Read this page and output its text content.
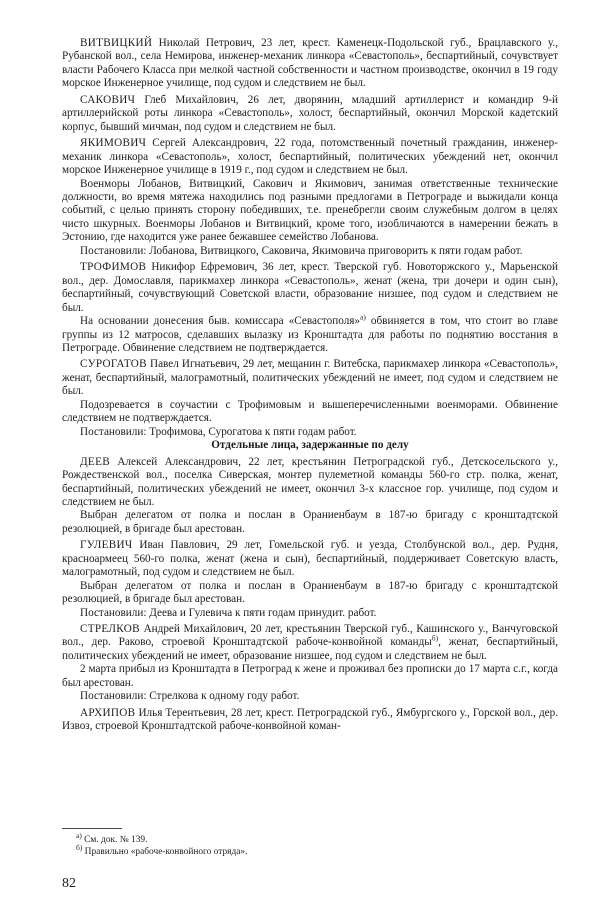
ВИТВИЦКИЙ Николай Петрович, 23 лет, крест. Каменецк-Подольской губ., Брацлавского у., Рубанской вол., села Немирова, инженер-механик линкора «Севастополь», беспартийный, сочувствует власти Рабочего Класса при мелкой частной собственности и частном производстве, окончил в 19 году морское Инженерное училище, под судом и следствием не был.

САКОВИЧ Глеб Михайлович, 26 лет, дворянин, младший артиллерист и командир 9-й артиллерийской роты линкора «Севастополь», холост, беспартийный, окончил Морской кадетский корпус, бывший мичман, под судом и следствием не был.

ЯКИМОВИЧ Сергей Александрович, 22 года, потомственный почетный гражданин, инженер-механик линкора «Севастополь», холост, беспартийный, политических убеждений нет, окончил морское Инженерное училище в 1919 г., под судом и следствием не был.

Военморы Лобанов, Витвицкий, Сакович и Якимович, занимая ответственные технические должности, во время мятежа находились под разными предлогами в Петрограде и выжидали конца событий, с целью принять сторону победивших, т.е. пренебрегли своим служебным долгом в целях чисто шкурных. Военморы Лобанов и Витвицкий, кроме того, изобличаются в намерении бежать в Эстонию, где находится уже ранее бежавшее семейство Лобанова.

Постановили: Лобанова, Витвицкого, Саковича, Якимовича приговорить к пяти годам работ.

ТРОФИМОВ Никифор Ефремович, 36 лет, крест. Тверской губ. Новоторжского у., Марьенской вол., дер. Домославля, парикмахер линкора «Севастополь», женат (жена, три дочери и один сын), беспартийный, сочувствующий Советской власти, образование низшее, под судом и следствием не был.

На основании донесения быв. комиссара «Севастополя»$^{а)}$ обвиняется в том, что стоит во главе группы из 12 матросов, сделавших вылазку из Кронштадта для работы по поднятию восстания в Петрограде. Обвинение следствием не подтверждается.

СУРОГАТОВ Павел Игнатьевич, 29 лет, мещанин г. Витебска, парикмахер линкора «Севастополь», женат, беспартийный, малограмотный, политических убеждений не имеет, под судом и следствием не был.

Подозревается в соучастии с Трофимовым и вышеперечисленными военморами. Обвинение следствием не подтверждается.

Постановили: Трофимова, Сурогатова к пяти годам работ.

Отдельные лица, задержанные по делу

ДЕЕВ Алексей Александрович, 22 лет, крестьянин Петроградской губ., Детскосельского у., Рождественской вол., поселка Сиверская, монтер пулеметной команды 560-го стр. полка, женат, беспартийный, политических убеждений не имеет, окончил 3-х классное гор. училище, под судом и следствием не был.

Выбран делегатом от полка и послан в Ораниенбаум в 187-ю бригаду с кронштадтской резолюцией, в бригаде был арестован.

ГУЛЕВИЧ Иван Павлович, 29 лет, Гомельской губ. и уезда, Столбунской вол., дер. Рудня, красноармеец 560-го полка, женат (жена и сын), беспартийный, поддерживает Советскую власть, малограмотный, под судом и следствием не был.

Выбран делегатом от полка и послан в Ораниенбаум в 187-ю бригаду с кронштадтской резолюцией, в бригаде был арестован.

Постановили: Деева и Гулевича к пяти годам принудит. работ.

СТРЕЛКОВ Андрей Михайлович, 20 лет, крестьянин Тверской губ., Кашинского у., Ванчуговской вол., дер. Раково, строевой Кронштадтской рабоче-конвойной команды$^{б)}$, женат, беспартийный, политических убеждений не имеет, образование низшее, под судом и следствием не был.

2 марта прибыл из Кронштадта в Петроград к жене и проживал без прописки до 17 марта с.г., когда был арестован.

Постановили: Стрелкова к одному году работ.

АРХИПОВ Илья Терентьевич, 28 лет, крест. Петроградской губ., Ямбургского у., Горской вол., дер. Извоз, строевой Кронштадтской рабоче-конвойной коман-

$^{а)}$ См. док. № 139.

$^{б)}$ Правильно «рабоче-конвойного отряда».

82
